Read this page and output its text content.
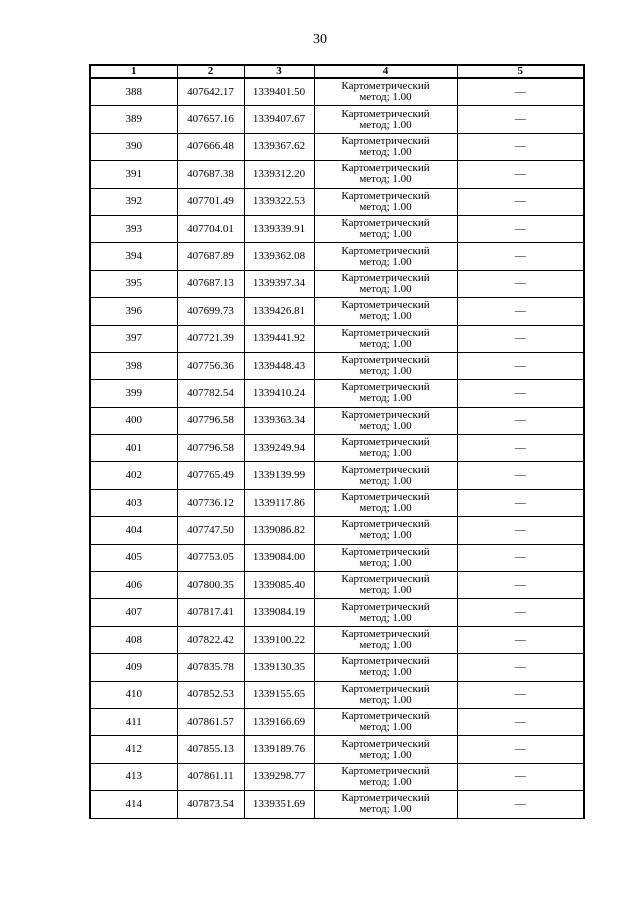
30
1	2	3	4	5
388	407642.17	1339401.50	Картометрический
метод; 1.00	—
389	407657.16	1339407.67	Картометрический
метод; 1.00	—
390	407666.48	1339367.62	Картометрический
метод; 1.00	—
391	407687.38	1339312.20	Картометрический
метод; 1.00	—
392	407701.49	1339322.53	Картометрический
метод; 1.00	—
393	407704.01	1339339.91	Картометрический
метод; 1.00	—
394	407687.89	1339362.08	Картометрический
метод; 1.00	—
395	407687.13	1339397.34	Картометрический
метод; 1.00	—
396	407699.73	1339426.81	Картометрический
метод; 1.00	—
397	407721.39	1339441.92	Картометрический
метод; 1.00	—
398	407756.36	1339448.43	Картометрический
метод; 1.00	—
399	407782.54	1339410.24	Картометрический
метод; 1.00	—
400	407796.58	1339363.34	Картометрический
метод; 1.00	—
401	407796.58	1339249.94	Картометрический
метод; 1.00	—
402	407765.49	1339139.99	Картометрический
метод; 1.00	—
403	407736.12	1339117.86	Картометрический
метод; 1.00	—
404	407747.50	1339086.82	Картометрический
метод; 1.00	—
405	407753.05	1339084.00	Картометрический
метод; 1.00	—
406	407800.35	1339085.40	Картометрический
метод; 1.00	—
407	407817.41	1339084.19	Картометрический
метод; 1.00	—
408	407822.42	1339100.22	Картометрический
метод; 1.00	—
409	407835.78	1339130.35	Картометрический
метод; 1.00	—
410	407852.53	1339155.65	Картометрический
метод; 1.00	—
411	407861.57	1339166.69	Картометрический
метод; 1.00	—
412	407855.13	1339189.76	Картометрический
метод; 1.00	—
413	407861.11	1339298.77	Картометрический
метод; 1.00	—
414	407873.54	1339351.69	Картометрический
метод; 1.00	—
